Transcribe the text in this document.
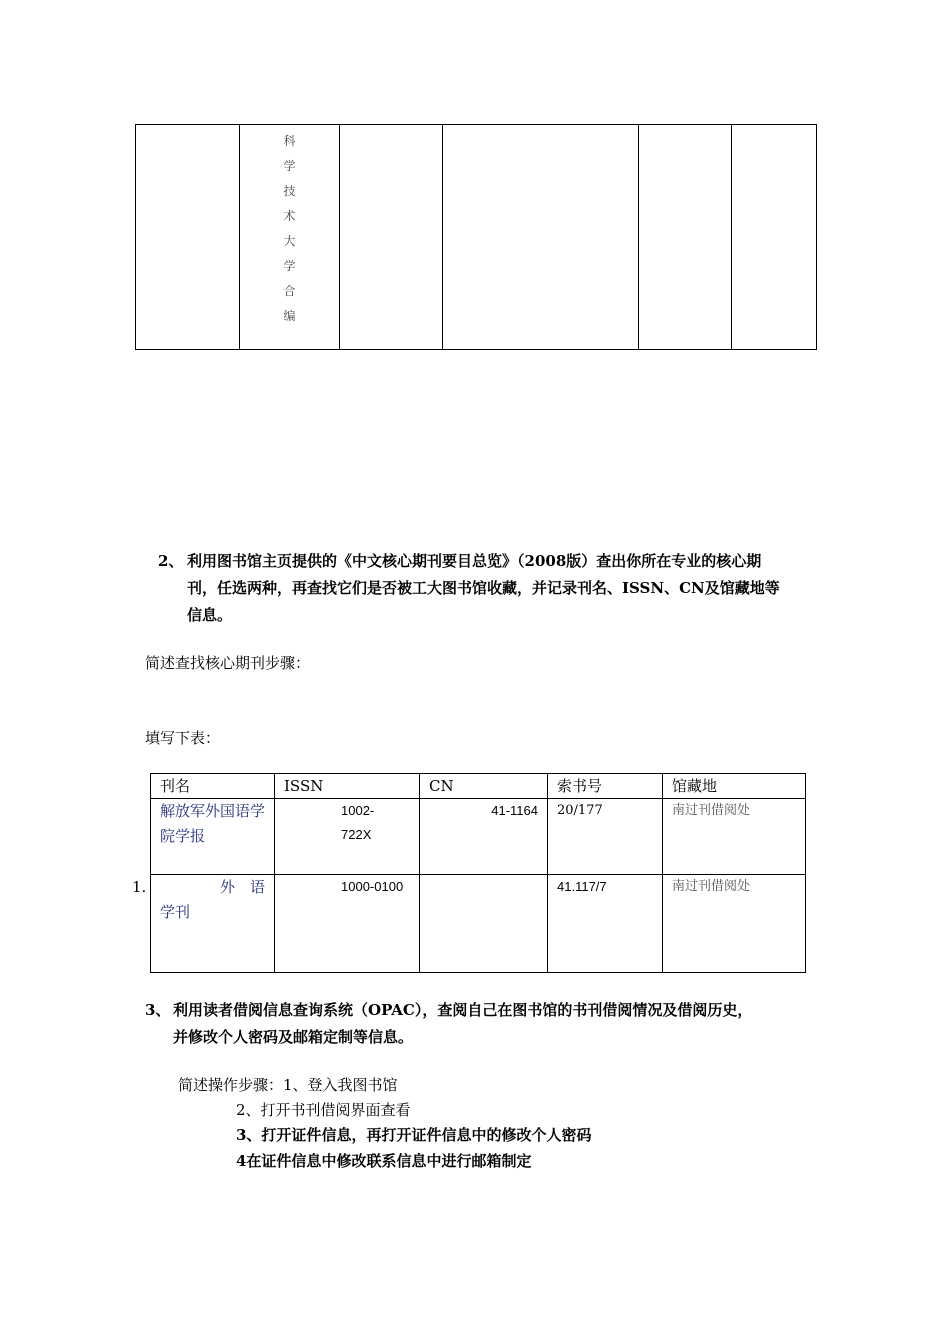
科
学
技
术
大
学
合
编

2、 利用图书馆主页提供的《中文核心期刊要目总览》（2008版）查出你所在专业的核心期
刊，任选两种，再查找它们是否被工大图书馆收藏，并记录刊名、ISSN、CN及馆藏地等
信息。
简述查找核心期刊步骤：
填写下表：
1.
刊名	ISSN	CN	索书号	馆藏地
解放军外国语学院学报	1002-722X	41-1164	20/177	南过刊借阅处

外　语
学刊	1000-0100		41.117/7	南过刊借阅处
3、 利用读者借阅信息查询系统（OPAC），查阅自己在图书馆的书刊借阅情况及借阅历史，
并修改个人密码及邮箱定制等信息。
简述操作步骤：1、登入我图书馆
2、打开书刊借阅界面查看
3、打开证件信息，再打开证件信息中的修改个人密码
4在证件信息中修改联系信息中进行邮箱制定
